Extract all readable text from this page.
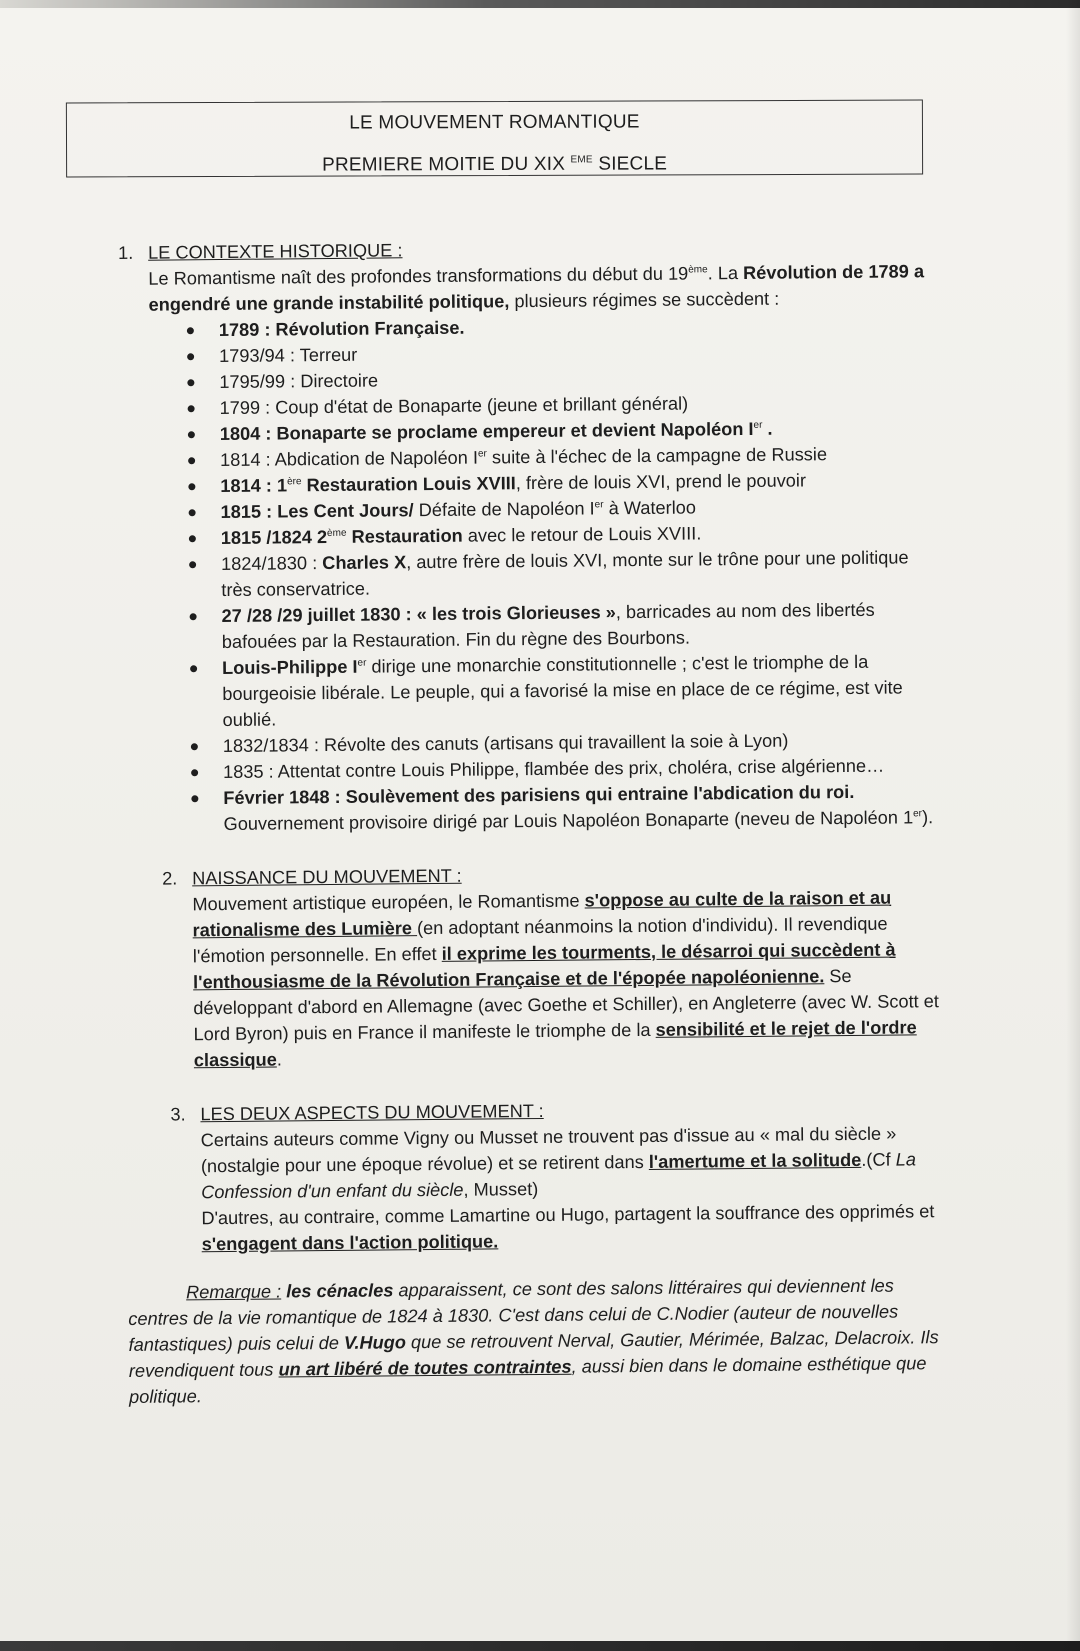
LE MOUVEMENT ROMANTIQUE
PREMIERE MOITIE DU XIX $^{EME}$ SIECLE
1. LE CONTEXTE HISTORIQUE :
Le Romantisme naît des profondes transformations du début du 19ème. La Révolution de 1789 a engendré une grande instabilité politique, plusieurs régimes se succèdent :
1789 : Révolution Française.
1793/94 : Terreur
1795/99 : Directoire
1799 : Coup d'état de Bonaparte (jeune et brillant général)
1804 : Bonaparte se proclame empereur et devient Napoléon Ier .
1814 : Abdication de Napoléon Ier suite à l'échec de la campagne de Russie
1814 : 1ère Restauration Louis XVIII, frère de louis XVI, prend le pouvoir
1815 : Les Cent Jours/ Défaite de Napoléon Ier à Waterloo
1815 /1824 2ème Restauration avec le retour de Louis XVIII.
1824/1830 : Charles X, autre frère de louis XVI, monte sur le trône pour une politique très conservatrice.
27 /28 /29 juillet 1830 : « les trois Glorieuses », barricades au nom des libertés bafouées par la Restauration. Fin du règne des Bourbons.
Louis-Philippe Ier dirige une monarchie constitutionnelle ; c'est le triomphe de la bourgeoisie libérale. Le peuple, qui a favorisé la mise en place de ce régime, est vite oublié.
1832/1834 : Révolte des canuts (artisans qui travaillent la soie à Lyon)
1835 : Attentat contre Louis Philippe, flambée des prix, choléra, crise algérienne…
Février 1848 : Soulèvement des parisiens qui entraine l'abdication du roi. Gouvernement provisoire dirigé par Louis Napoléon Bonaparte (neveu de Napoléon 1er).
2. NAISSANCE DU MOUVEMENT :
Mouvement artistique européen, le Romantisme s'oppose au culte de la raison et au rationalisme des Lumière (en adoptant néanmoins la notion d'individu). Il revendique l'émotion personnelle. En effet il exprime les tourments, le désarroi qui succèdent à l'enthousiasme de la Révolution Française et de l'épopée napoléonienne. Se développant d'abord en Allemagne (avec Goethe et Schiller), en Angleterre (avec W. Scott et Lord Byron) puis en France il manifeste le triomphe de la sensibilité et le rejet de l'ordre classique.
3. LES DEUX ASPECTS DU MOUVEMENT :
Certains auteurs comme Vigny ou Musset ne trouvent pas d'issue au « mal du siècle » (nostalgie pour une époque révolue) et se retirent dans l'amertume et la solitude.(Cf La Confession d'un enfant du siècle, Musset)
D'autres, au contraire, comme Lamartine ou Hugo, partagent la souffrance des opprimés et s'engagent dans l'action politique.
Remarque : les cénacles apparaissent, ce sont des salons littéraires qui deviennent les centres de la vie romantique de 1824 à 1830. C'est dans celui de C.Nodier (auteur de nouvelles fantastiques) puis celui de V.Hugo que se retrouvent Nerval, Gautier, Mérimée, Balzac, Delacroix. Ils revendiquent tous un art libéré de toutes contraintes, aussi bien dans le domaine esthétique que politique.
